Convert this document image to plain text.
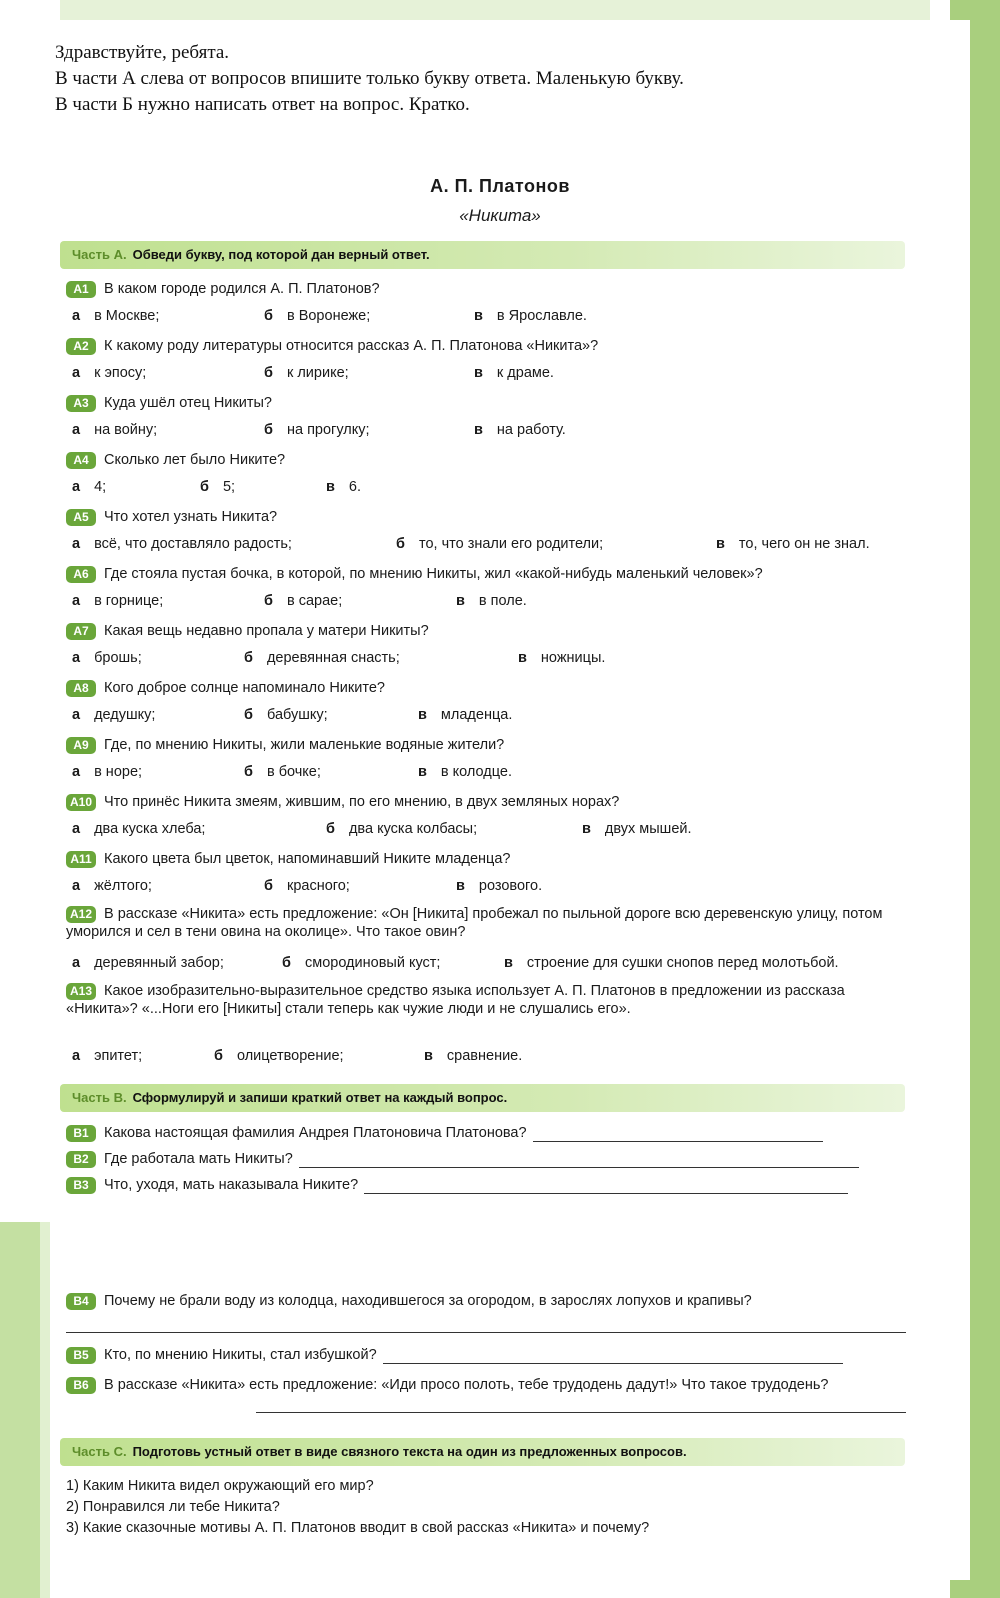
Здравствуйте, ребята.
В части А слева от вопросов впишите только букву ответа. Маленькую букву.
В части Б нужно написать ответ на вопрос. Кратко.
А. П. Платонов
«Никита»
Часть А. Обведи букву, под которой дан верный ответ.
А1 В каком городе родился А. П. Платонов?
а в Москве;	б в Воронеже;	в в Ярославле.
А2 К какому роду литературы относится рассказ А. П. Платонова «Никита»?
а к эпосу;	б к лирике;	в к драме.
А3 Куда ушёл отец Никиты?
а на войну;	б на прогулку;	в на работу.
А4 Сколько лет было Никите?
а 4;	б 5;	в 6.
А5 Что хотел узнать Никита?
а всё, что доставляло радость;	б то, что знали его родители;	в то, чего он не знал.
А6 Где стояла пустая бочка, в которой, по мнению Никиты, жил «какой-нибудь маленький человек»?
а в горнице;	б в сарае;	в в поле.
А7 Какая вещь недавно пропала у матери Никиты?
а брошь;	б деревянная снасть;	в ножницы.
А8 Кого доброе солнце напоминало Никите?
а дедушку;	б бабушку;	в младенца.
А9 Где, по мнению Никиты, жили маленькие водяные жители?
а в норе;	б в бочке;	в в колодце.
А10 Что принёс Никита змеям, жившим, по его мнению, в двух земляных норах?
а два куска хлеба;	б два куска колбасы;	в двух мышей.
А11 Какого цвета был цветок, напоминавший Никите младенца?
а жёлтого;	б красного;	в розового.
А12 В рассказе «Никита» есть предложение: «Он [Никита] пробежал по пыльной дороге всю деревенскую улицу, потом уморился и сел в тени овина на околице». Что такое овин?
а деревянный забор;	б смородиновый куст;	в строение для сушки снопов перед молотьбой.
А13 Какое изобразительно-выразительное средство языка использует А. П. Платонов в предложении из рассказа «Никита»? «...Ноги его [Никиты] стали теперь как чужие люди и не слушались его».
а эпитет;	б олицетворение;	в сравнение.
Часть В. Сформулируй и запиши краткий ответ на каждый вопрос.
В1 Какова настоящая фамилия Андрея Платоновича Платонова?
В2 Где работала мать Никиты?
В3 Что, уходя, мать наказывала Никите?
В4 Почему не брали воду из колодца, находившегося за огородом, в зарослях лопухов и крапивы?
В5 Кто, по мнению Никиты, стал избушкой?
В6 В рассказе «Никита» есть предложение: «Иди просо полоть, тебе трудодень дадут!» Что такое трудодень?
Часть С. Подготовь устный ответ в виде связного текста на один из предложенных вопросов.
1) Каким Никита видел окружающий его мир?
2) Понравился ли тебе Никита?
3) Какие сказочные мотивы А. П. Платонов вводит в свой рассказ «Никита» и почему?
